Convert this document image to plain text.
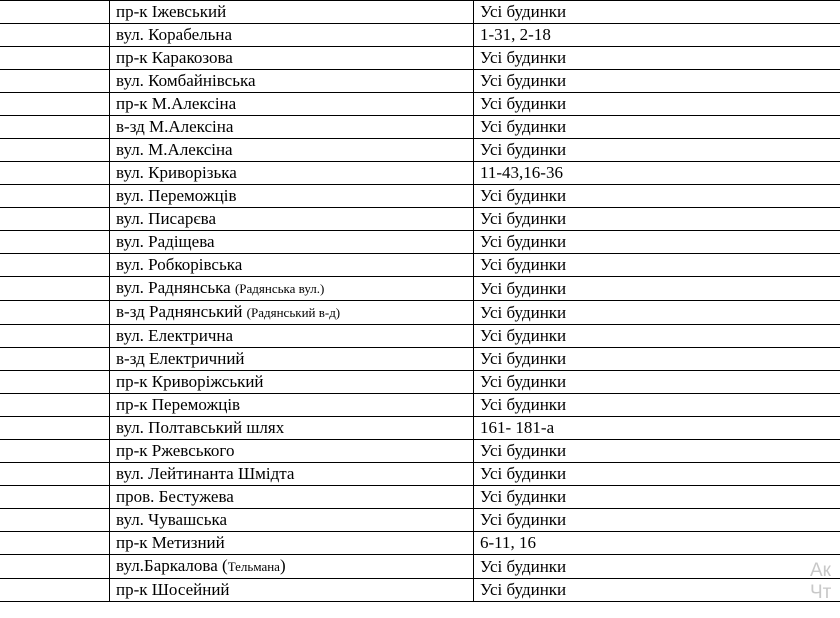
	пр-к Іжевський	Усі будинки
	вул. Корабельна	1-31, 2-18
	пр-к Каракозова	Усі будинки
	вул. Комбайнівська	Усі будинки
	пр-к М.Алексіна	Усі будинки
	в-зд М.Алексіна	Усі будинки
	вул. М.Алексіна	Усі будинки
	вул. Криворізька	11-43,16-36
	вул. Переможців	Усі будинки
	вул. Писарєва	Усі будинки
	вул. Радіщева	Усі будинки
	вул. Робкорівська	Усі будинки
	вул. Раднянська (Радянська вул.)	Усі будинки
	в-зд Раднянський (Радянський в-д)	Усі будинки
	вул. Електрична	Усі будинки
	в-зд Електричний	Усі будинки
	пр-к Криворіжський	Усі будинки
	пр-к Переможців	Усі будинки
	вул. Полтавський шлях	161- 181-а
	пр-к Ржевського	Усі будинки
	вул. Лейтинанта Шмідта	Усі будинки
	пров. Бестужева	Усі будинки
	вул. Чувашська	Усі будинки
	пр-к Метизний	6-11, 16
	вул.Баркалова (Тельмана)	Усі будинки
	пр-к Шосейний	Усі будинки
Ак
Чт
